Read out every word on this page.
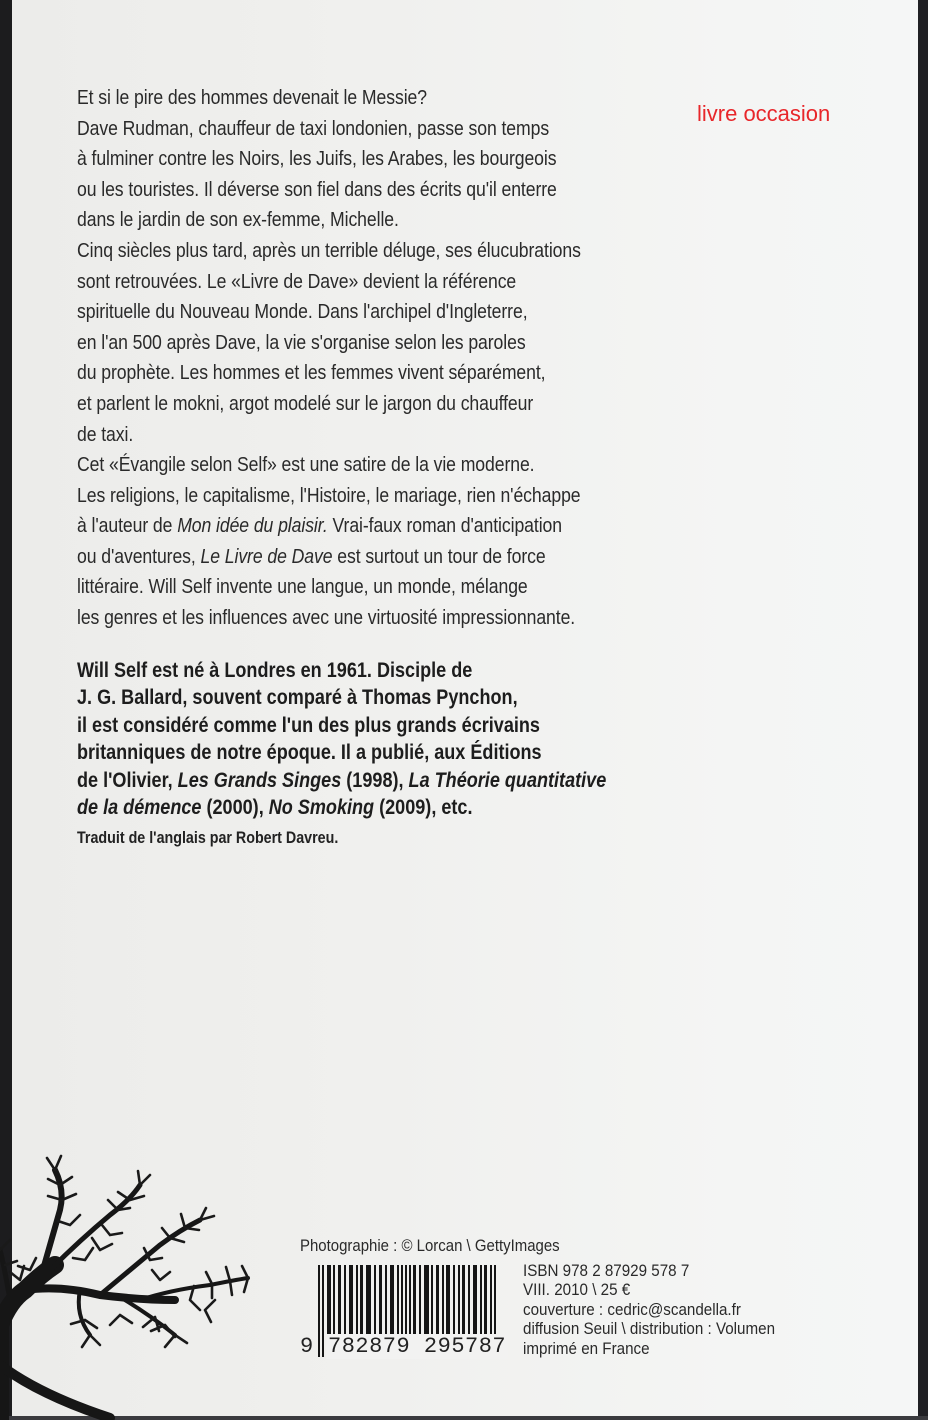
livre occasion

Et si le pire des hommes devenait le Messie?
Dave Rudman, chauffeur de taxi londonien, passe son temps
à fulminer contre les Noirs, les Juifs, les Arabes, les bourgeois
ou les touristes. Il déverse son fiel dans des écrits qu'il enterre
dans le jardin de son ex-femme, Michelle.
Cinq siècles plus tard, après un terrible déluge, ses élucubrations
sont retrouvées. Le «Livre de Dave» devient la référence
spirituelle du Nouveau Monde. Dans l'archipel d'Ingleterre,
en l'an 500 après Dave, la vie s'organise selon les paroles
du prophète. Les hommes et les femmes vivent séparément,
et parlent le mokni, argot modelé sur le jargon du chauffeur
de taxi.

Cet «Évangile selon Self» est une satire de la vie moderne.
Les religions, le capitalisme, l'Histoire, le mariage, rien n'échappe
à l'auteur de Mon idée du plaisir. Vrai-faux roman d'anticipation
ou d'aventures, Le Livre de Dave est surtout un tour de force
littéraire. Will Self invente une langue, un monde, mélange
les genres et les influences avec une virtuosité impressionnante.

Will Self est né à Londres en 1961. Disciple de
J. G. Ballard, souvent comparé à Thomas Pynchon,
il est considéré comme l'un des plus grands écrivains
britanniques de notre époque. Il a publié, aux Éditions
de l'Olivier, Les Grands Singes (1998), La Théorie quantitative
de la démence (2000), No Smoking (2009), etc.

Traduit de l'anglais par Robert Davreu.
Photographie : © Lorcan \ GettyImages
9 782879 295787

ISBN 978 2 87929 578 7
VIII. 2010 \ 25 €
couverture : cedric@scandella.fr
diffusion Seuil \ distribution : Volumen
imprimé en France
